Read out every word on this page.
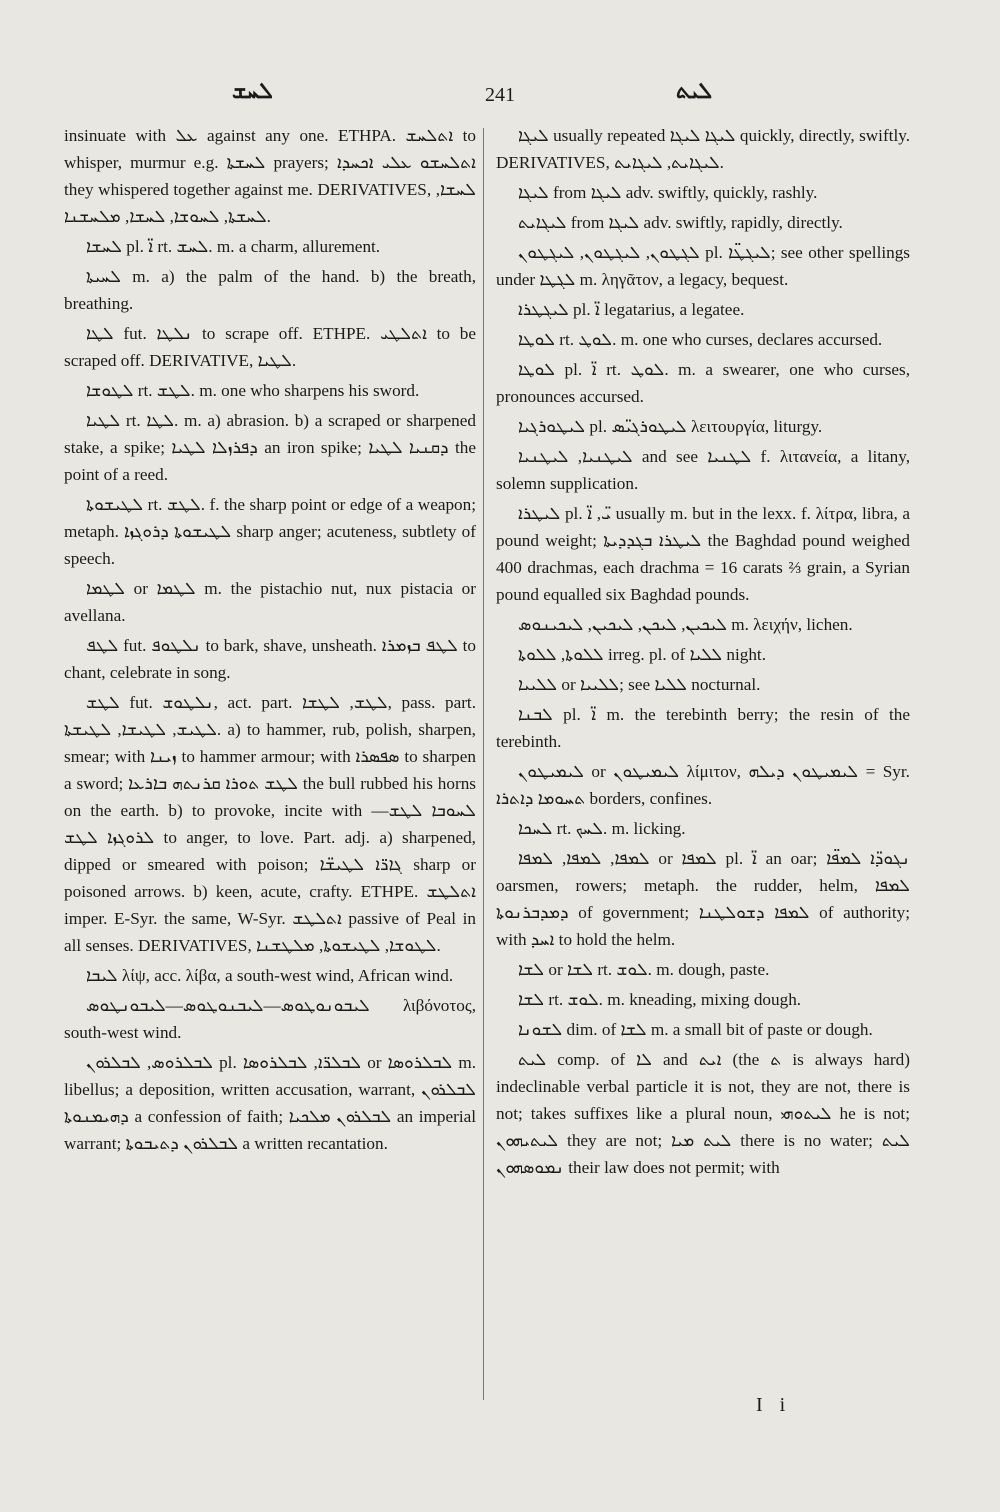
ܠܚܫ	241	ܠܝܬ

insinuate with ܥܠ against any one. ETHPA. ܐܬܠܚܫ to whisper, murmur e.g. ܠܚܫܬܐ prayers; ܐܬܠܚܫܘ ܥܠܝ ܐܟܚܕܐ they whispered together against me. DERIVATIVES, ܠܚܫܐ, ܠܚܫܬܐ, ܠܚܘܫܐ, ܠܚܫܐ, ܡܠܚܫܢܐ.

ܠܚܫܐ pl. ܐ̈ rt. ܠܚܫ. m. a charm, allurement.

ܠܚܝܬܐ m. a) the palm of the hand. b) the breath, breathing.

ܠܛܐ fut. ܢܠܛܐ to scrape off. ETHPE. ܐܬܠܛܝ to be scraped off. DERIVATIVE, ܠܛܝܐ.

ܠܛܘܫܐ rt. ܠܛܫ. m. one who sharpens his sword.

ܠܛܝܐ rt. ܠܛܐ. m. a) abrasion. b) a scraped or sharpened stake, a spike; ܕܦܪܙܠܐ ܠܛܝܐ an iron spike; ܕܩܢܝܐ ܠܛܝܐ the point of a reed.

ܠܛܝܫܘܬܐ rt. ܠܛܫ. f. the sharp point or edge of a weapon; metaph. ܠܛܝܫܘܬܐ ܕܪܘܓܙܐ sharp anger; acuteness, subtlety of speech.

ܠܛܡܐ or ܠܛܡܐ m. the pistachio nut, nux pistacia or avellana.

ܠܛܦ fut. ܢܠܛܘܦ to bark, shave, unsheath. ܠܛܦ ܒܙܡܪܐ to chant, celebrate in song.

ܠܛܫ fut. ܢܠܛܘܫ, act. part. ܠܛܫ, ܠܛܫܐ, pass. part. ܠܛܝܫ, ܠܛܝܫܐ, ܠܛܝܫܬܐ. a) to hammer, rub, polish, sharpen, smear; with ܙܝܢܐ to hammer armour; with ܣܦܣܪܐ to sharpen a sword; ܠܛܫ ܬܘܪܐ ܩܪܢܬܗ ܒܐܪܥܐ the bull rubbed his horns on the earth. b) to provoke, incite with ܠܚܘܒܐ ܠܛܫ—ܠܪܘܓܙܐ ܠܛܫ to anger, to love. Part. adj. a) sharpened, dipped or smeared with poison; ܓܐܪ̈ܐ ܠܛܝܫ̈ܐ sharp or poisoned arrows. b) keen, acute, crafty. ETHPE. ܐܬܠܛܫ imper. E-Syr. the same, W-Syr. ܐܬܠܛܫ passive of Peal in all senses. DERIVATIVES, ܠܛܘܫܐ, ܠܛܝܫܘܬܐ, ܡܠܛܫܢܐ.

ܠܝܒܐ λίψ, acc. λίβα, a south-west wind, African wind.

ܠܝܒܘܢܘܛܘܣ—ܠܝܒܢܘܛܘܣ—ܠܝܒܘܢܛܘܣ λιβόνοτος, south-west wind.

ܠܒܠܪܘܣ, ܠܒܠܪܘܢ pl. ܠܒܠܪ̈ܐ, ܠܒܠܪܘܣܐ or ܠܒܠܪܘܣܐ m. libellus; a deposition, written accusation, warrant, ܠܒܠܪܘܢ ܕܗܝܡܢܘܬܐ a confession of faith; ܠܒܠܪܘܢ ܡܠܟܝܐ an imperial warrant; ܠܒܠܪܘܢ ܕܬܝܒܘܬܐ a written recantation.

ܠܝܓܐ usually repeated ܠܝܓܐ ܠܝܓܐ quickly, directly, swiftly. DERIVATIVES, ܠܝܓܐܝܬ, ܠܝܓܐܝܬ.

ܠܝܓܐ from ܠܝܓܐ adv. swiftly, quickly, rashly.

ܠܝܓܐܝܬ from ܠܝܓܐ adv. swiftly, rapidly, directly.

ܠܓܛܘܢ, ܠܝܓܛܘܢ, ܠܝܓܛܘܢ pl. ܠܝܓܛ̈ܐ; see other spellings under ܠܓܛܐ m. ληγᾶτον, a legacy, bequest.

ܠܝܓܛܪܐ pl. ܐ̈ legatarius, a legatee.

ܠܘܛܐ rt. ܠܘܛ. m. one who curses, declares accursed.

ܠܘܛܐ pl. ܐ̈ rt. ܠܘܛ. m. a swearer, one who curses, pronounces accursed.

ܠܝܛܘܪܓܝܐ pl. ܠܝܛܘܪܓܝ̈ܣ λειτουργία, liturgy.

ܠܝܛܢܝܐ, ܠܝܛܢܝܐ and see ܠܛܢܝܐ f. λιτανεία, a litany, solemn supplication.

ܠܝܛܪܐ pl. ܝ̈, ܐ̈ usually m. but in the lexx. f. λίτρα, libra, a pound weight; ܠܝܛܪܐ ܒܓܕܕܝܬܐ the Baghdad pound weighed 400 drachmas, each drachma = 16 carats ⅔ grain, a Syrian pound equalled six Baghdad pounds.

ܠܝܟܝܢ, ܠܝܟܢ, ܠܝܟܝܢ, ܠܝܟܝܢܘܣ m. λειχήν, lichen.

ܠܠܘܬܐ, ܠܠܘܬܐ irreg. pl. of ܠܠܝܐ night.

ܠܠܝܝܐ or ܠܠܝܝܐ; see ܠܠܝܐ nocturnal.

ܠܒܢܐ pl. ܐ̈ m. the terebinth berry; the resin of the terebinth.

ܠܝܡܝܛܘܢ or ܠܝܡܝܛܘܢ λίμιτον, ܠܝܡܝܛܘܢ ܕܝܠܗ = Syr. ܬܚܘܡܐ ܕܐܬܪܐ borders, confines.

ܠܚܟܐ rt. ܠܚܟ. m. licking.

ܠܡܦܐ, ܠܡܦܐ, ܠܡܦܐ or ܠܡܦܐ pl. ܐ̈ an oar; ܢܓܘܕ̈ܐ ܠܡܦ̈ܐ oarsmen, rowers; metaph. the rudder, helm, ܠܡܦܐ ܕܡܕܒܪܢܘܬܐ of government; ܠܡܦܐ ܕܫܘܠܛܢܐ of authority; with ܐܚܕ to hold the helm.

ܠܫܐ or ܠܫܐ rt. ܠܘܫ. m. dough, paste.

ܠܫܐ rt. ܠܘܫ. m. kneading, mixing dough.

ܠܫܘܢܐ dim. of ܠܫܐ m. a small bit of paste or dough.

ܠܝܬ comp. of ܠܐ and ܐܝܬ (the ܬ is always hard) indeclinable verbal particle it is not, they are not, there is not; takes suffixes like a plural noun, ܠܝܬܘܗܝ he is not; ܠܝܬܝܗܘܢ they are not; ܠܝܬ ܡܝܐ there is no water; ܠܝܬ ܢܡܘܣܗܘܢ their law does not permit; with

I i
